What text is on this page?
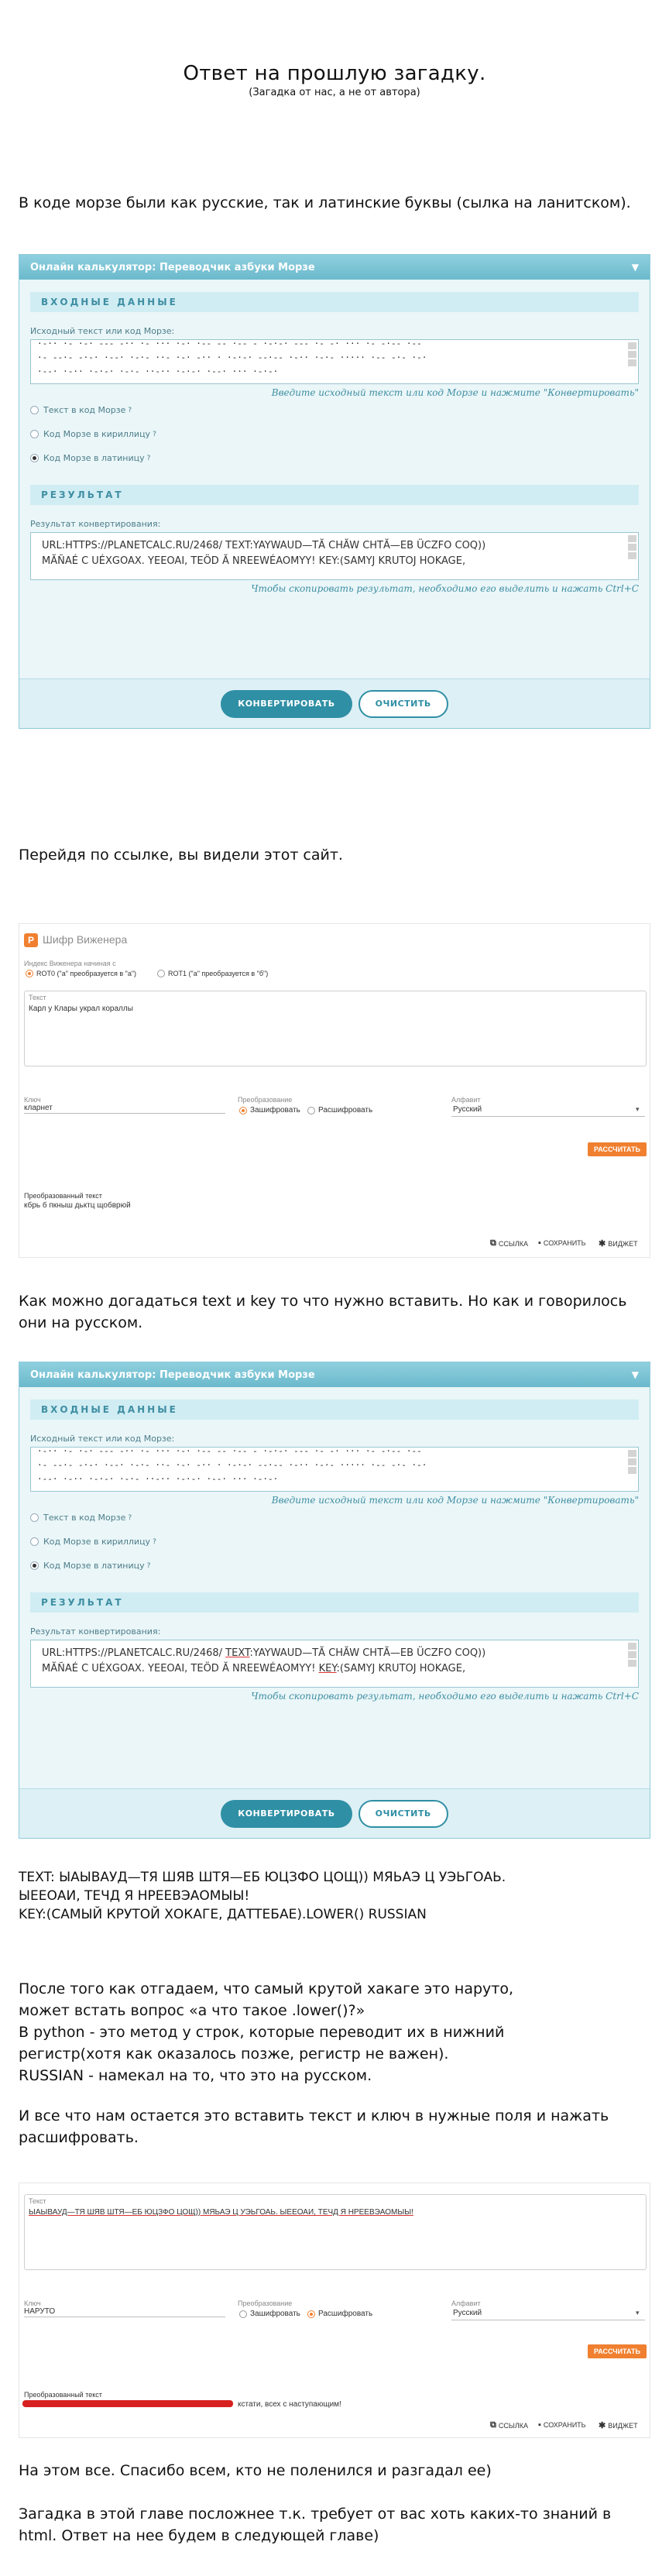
Ответ на прошлую загадку.
(Загадка от нас, а не от автора)
В коде морзе были как русские, так и латинские буквы (сылка на ланитском).
Онлайн калькулятор: Переводчик азбуки Морзе	▼
ВХОДНЫЕ ДАННЫЕ
Исходный текст или код Морзе:
·-·· ·- ·-· --- -·· ·- ··· ·-· ·-- -- ·-- - ·-·-· --- ·- -· ··· ·- -·-- ·--
·- --·- -·-· ·--· ·-·- ··- ·-· -·· · ·-·-· --·-- ·-·· ·-·- ····· ·-- -·- ·-·
·--· ·-·· ·-·-· ·-·- ··-·· ·-·-· ·--· ··· ·-·-·
Введите исходный текст или код Морзе и нажмите "Конвертировать"
Текст в код Морзе ?
Код Морзе в кириллицу ?
Код Морзе в латиницу ?
РЕЗУЛЬТАТ
Результат конвертирования:
URL:HTTPS://PLANETCALC.RU/2468/ TEXT:YAYWAUD—TĂ CHĂW CHTĂ—EB ÜCZFO COQ))
MĂÑAÉ C UÉXGOAX. YEEOAI, TEÖD Ă NREEWÉAOMYY! KEY:(SAMYJ KRUTOJ HOKAGE,
Чтобы скопировать результат, необходимо его выделить и нажать Ctrl+C
КОНВЕРТИРОВАТЬ	ОЧИСТИТЬ
Перейдя по ссылке, вы видели этот сайт.
P Шифр Виженера
Индекс Виженера начиная с
ROT0 ("а" преобразуется в "а")	ROT1 ("а" преобразуется в "б")
Текст
Карл у Клары украл кораллы
Ключ
кларнет
Преобразование
Зашифровать Расшифровать
Алфавит
Русский	▾
РАССЧИТАТЬ
Преобразованный текст
кбрь б пкныш дьктц щобврюй
⧉ ССЫЛКА ▪ СОХРАНИТЬ ✱ ВИДЖЕТ
Как можно догадаться text и key то что нужно вставить. Но как и говорилось они на русском.
Онлайн калькулятор: Переводчик азбуки Морзе	▼
ВХОДНЫЕ ДАННЫЕ
Исходный текст или код Морзе:
·-·· ·- ·-· --- -·· ·- ··· ·-· ·-- -- ·-- - ·-·-· --- ·- -· ··· ·- -·-- ·--
·- --·- -·-· ·--· ·-·- ··- ·-· -·· · ·-·-· --·-- ·-·· ·-·- ····· ·-- -·- ·-·
·--· ·-·· ·-·-· ·-·- ··-·· ·-·-· ·--· ··· ·-·-·
Введите исходный текст или код Морзе и нажмите "Конвертировать"
Текст в код Морзе ?
Код Морзе в кириллицу ?
Код Морзе в латиницу ?
РЕЗУЛЬТАТ
Результат конвертирования:
URL:HTTPS://PLANETCALC.RU/2468/ TEXT:YAYWAUD—TĂ CHĂW CHTĂ—EB ÜCZFO COQ))
MĂÑAÉ C UÉXGOAX. YEEOAI, TEÖD Ă NREEWÉAOMYY! KEY:(SAMYJ KRUTOJ HOKAGE,
Чтобы скопировать результат, необходимо его выделить и нажать Ctrl+C
КОНВЕРТИРОВАТЬ	ОЧИСТИТЬ
TEXT: ЫАЫВАУД—ТЯ ШЯВ ШТЯ—ЕБ ЮЦЗФО ЦОЩ)) МЯЬАЭ Ц УЭЬГОАЬ.
ЫЕЕОАИ, ТЕЧД Я НРЕЕВЭАОМЫЫ!
KEY:(САМЫЙ КРУТОЙ ХОКАГЕ, ДАТТЕБАЕ).LOWER() RUSSIAN
После того как отгадаем, что самый крутой хакаге это наруто,
может встать вопрос «а что такое .lower()?»
В python - это метод у строк, которые переводит их в нижний
регистр(хотя как оказалось позже, регистр не важен).
RUSSIAN - намекал на то, что это на русском.
И все что нам остается это вставить текст и ключ в нужные поля и нажать расшифровать.
Текст
ЫАЫВАУД—ТЯ ШЯВ ШТЯ—ЕБ ЮЦЗФО ЦОЩ)) МЯЬАЭ Ц УЭЬГОАЬ. ЫЕЕОАИ, ТЕЧД Я НРЕЕВЭАОМЫЫ!
Ключ
НАРУТО
Преобразование
Зашифровать Расшифровать
Алфавит
Русский	▾
РАССЧИТАТЬ
Преобразованный текст
кстати, всех с наступающим!
⧉ ССЫЛКА ▪ СОХРАНИТЬ ✱ ВИДЖЕТ
На этом все. Спасибо всем, кто не поленился и разгадал ее)
Загадка в этой главе посложнее т.к. требует от вас хоть каких-то знаний в html. Ответ на нее будем в следующей главе)
